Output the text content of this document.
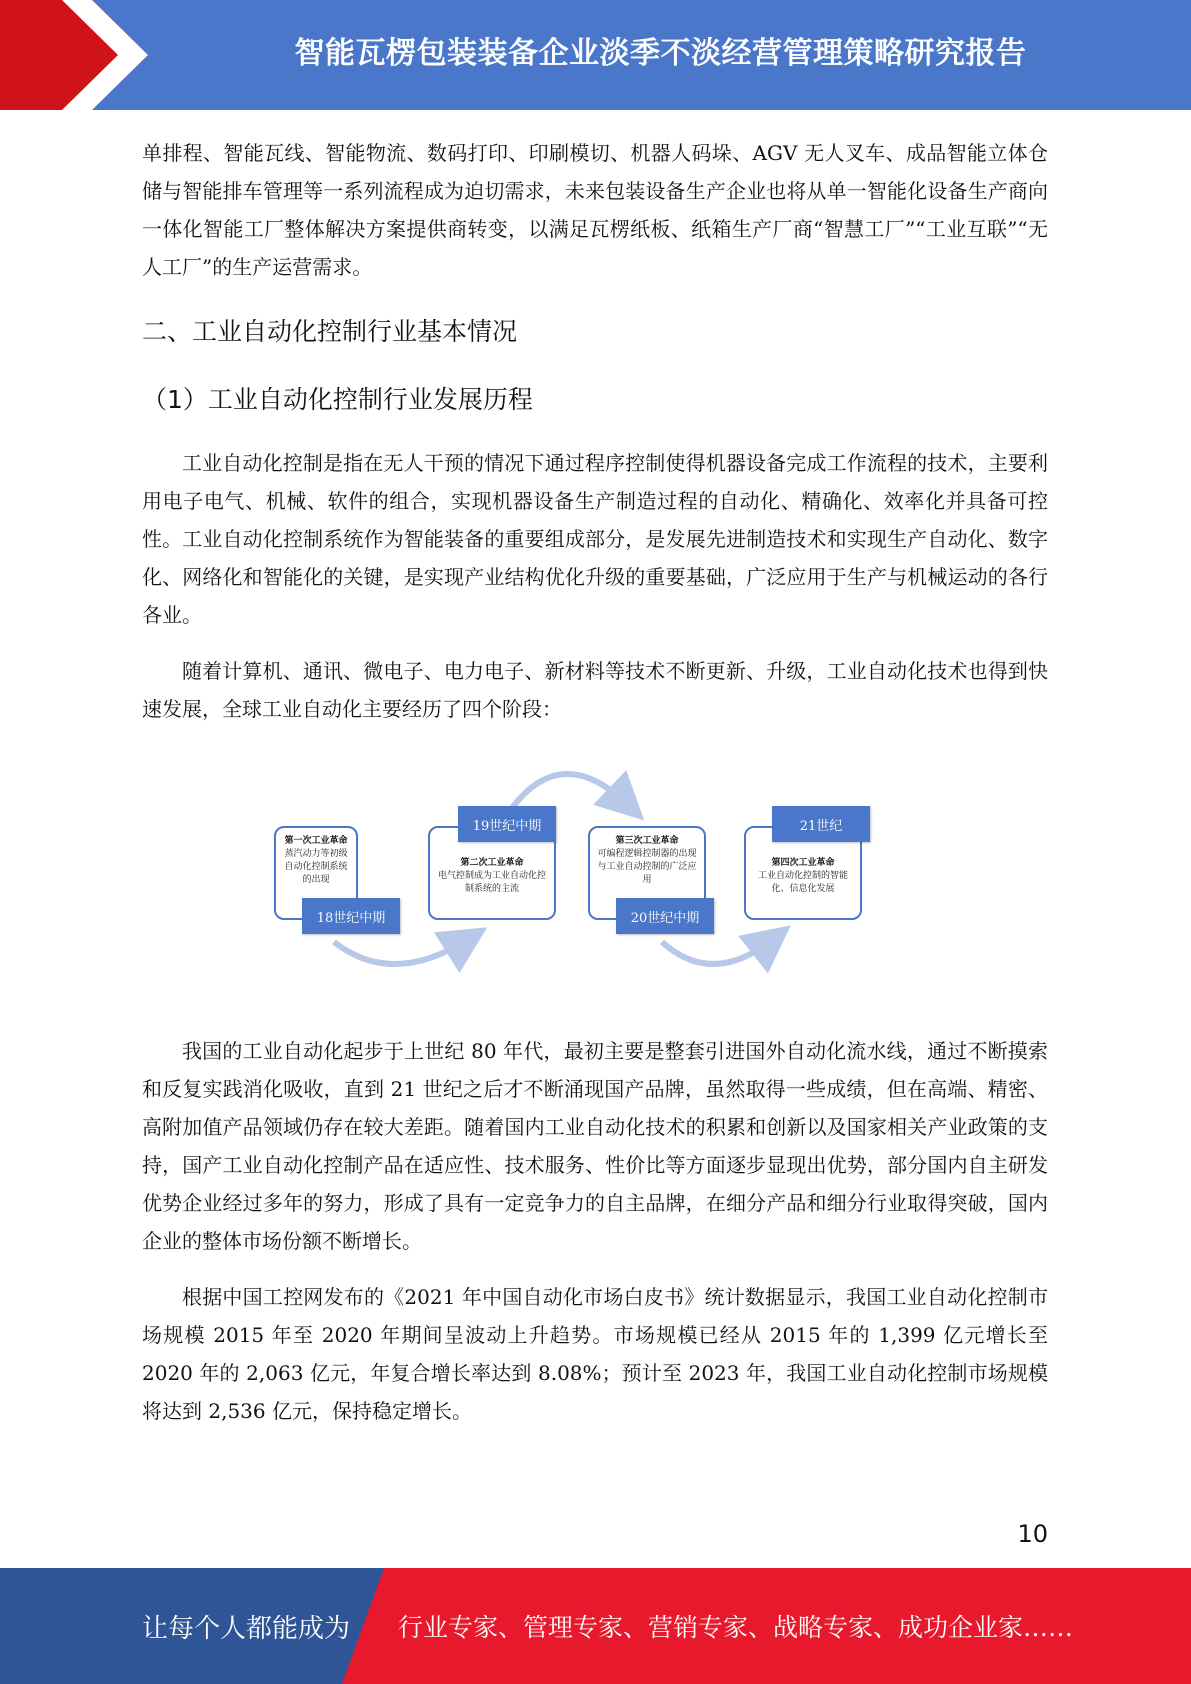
智能瓦楞包装装备企业淡季不淡经营管理策略研究报告

单排程、智能瓦线、智能物流、数码打印、印刷模切、机器人码垛、AGV 无人叉车、成品智能立体仓储与智能排车管理等一系列流程成为迫切需求，未来包装设备生产企业也将从单一智能化设备生产商向一体化智能工厂整体解决方案提供商转变，以满足瓦楞纸板、纸箱生产厂商“智慧工厂”“工业互联”“无人工厂”的生产运营需求。

二、工业自动化控制行业基本情况
（1）工业自动化控制行业发展历程

工业自动化控制是指在无人干预的情况下通过程序控制使得机器设备完成工作流程的技术，主要利用电子电气、机械、软件的组合，实现机器设备生产制造过程的自动化、精确化、效率化并具备可控性。工业自动化控制系统作为智能装备的重要组成部分，是发展先进制造技术和实现生产自动化、数字化、网络化和智能化的关键，是实现产业结构优化升级的重要基础，广泛应用于生产与机械运动的各行各业。

随着计算机、通讯、微电子、电力电子、新材料等技术不断更新、升级，工业自动化技术也得到快速发展，全球工业自动化主要经历了四个阶段：

第一次工业革命
蒸汽动力等初级自动化控制系统的出现
18世纪中期
第二次工业革命
电气控制成为工业自动化控制系统的主流
19世纪中期
第三次工业革命
可编程逻辑控制器的出现与工业自动控制的广泛应用
20世纪中期
第四次工业革命
工业自动化控制的智能化、信息化发展
21世纪

我国的工业自动化起步于上世纪 80 年代，最初主要是整套引进国外自动化流水线，通过不断摸索和反复实践消化吸收，直到 21 世纪之后才不断涌现国产品牌，虽然取得一些成绩，但在高端、精密、高附加值产品领域仍存在较大差距。随着国内工业自动化技术的积累和创新以及国家相关产业政策的支持，国产工业自动化控制产品在适应性、技术服务、性价比等方面逐步显现出优势，部分国内自主研发优势企业经过多年的努力，形成了具有一定竞争力的自主品牌，在细分产品和细分行业取得突破，国内企业的整体市场份额不断增长。

根据中国工控网发布的《2021 年中国自动化市场白皮书》统计数据显示，我国工业自动化控制市场规模 2015 年至 2020 年期间呈波动上升趋势。市场规模已经从 2015 年的 1,399 亿元增长至 2020 年的 2,063 亿元，年复合增长率达到 8.08%；预计至 2023 年，我国工业自动化控制市场规模将达到 2,536 亿元，保持稳定增长。

10
让每个人都能成为 行业专家、管理专家、营销专家、战略专家、成功企业家……
